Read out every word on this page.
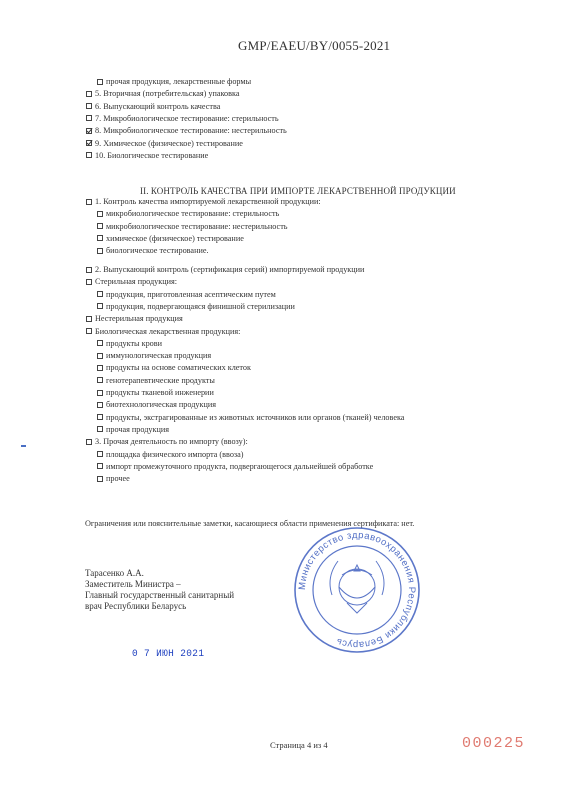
GMP/EAEU/BY/0055-2021
прочая продукция, лекарственные формы
5. Вторичная (потребительская) упаковка
6. Выпускающий контроль качества
7. Микробиологическое тестирование: стерильность
8. Микробиологическое тестирование: нестерильность
9. Химическое (физическое) тестирование
10. Биологическое тестирование
II. КОНТРОЛЬ КАЧЕСТВА ПРИ ИМПОРТЕ ЛЕКАРСТВЕННОЙ ПРОДУКЦИИ
1. Контроль качества импортируемой лекарственной продукции:
микробиологическое тестирование: стерильность
микробиологическое тестирование: нестерильность
химическое (физическое) тестирование
биологическое тестирование.
2. Выпускающий контроль (сертификация серий) импортируемой продукции
Стерильная продукция:
продукция, приготовленная асептическим путем
продукция, подвергающаяся финишной стерилизации
Нестерильная продукция
Биологическая лекарственная продукция:
продукты крови
иммунологическая продукция
продукты на основе соматических клеток
генотерапевтические продукты
продукты тканевой инженерии
биотехнологическая продукция
продукты, экстрагированные из животных источников или органов (тканей) человека
прочая продукция
3. Прочая деятельность по импорту (ввозу):
площадка физического импорта (ввоза)
импорт промежуточного продукта, подвергающегося дальнейшей обработке
прочее
Ограничения или пояснительные заметки, касающиеся области применения сертификата: нет.
Тарасенко А.А.
Заместитель Министра –
Главный государственный санитарный
врач Республики Беларусь
Министерство здравоохранения Республики Беларусь
0 7 ИЮН 2021
Страница 4 из 4	000225
